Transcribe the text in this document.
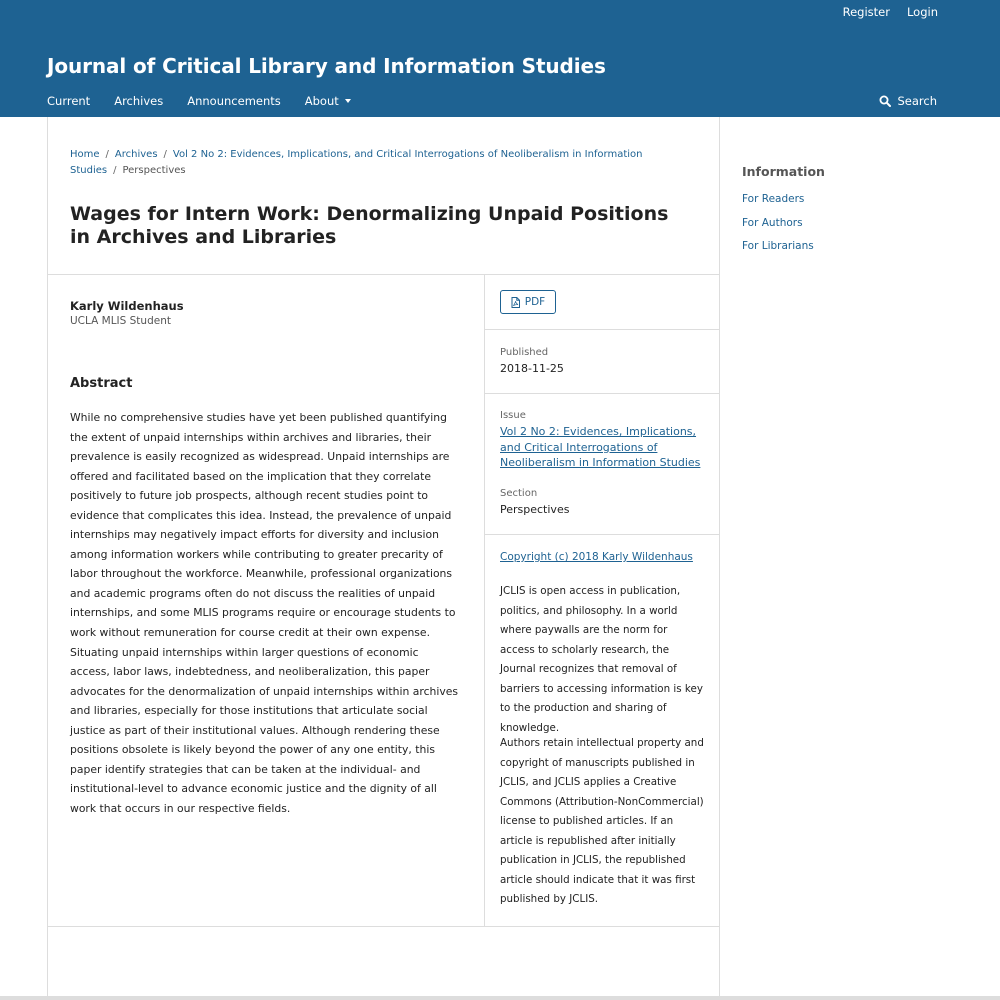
Register	Login
Journal of Critical Library and Information Studies
Current Archives Announcements About	Search
Home / Archives / Vol 2 No 2: Evidences, Implications, and Critical Interrogations of Neoliberalism in Information Studies / Perspectives
Wages for Intern Work: Denormalizing Unpaid Positions in Archives and Libraries
Karly Wildenhaus
UCLA MLIS Student
Abstract

While no comprehensive studies have yet been published quantifying the extent of unpaid internships within archives and libraries, their prevalence is easily recognized as widespread. Unpaid internships are offered and facilitated based on the implication that they correlate positively to future job prospects, although recent studies point to evidence that complicates this idea. Instead, the prevalence of unpaid internships may negatively impact efforts for diversity and inclusion among information workers while contributing to greater precarity of labor throughout the workforce. Meanwhile, professional organizations and academic programs often do not discuss the realities of unpaid internships, and some MLIS programs require or encourage students to work without remuneration for course credit at their own expense. Situating unpaid internships within larger questions of economic access, labor laws, indebtedness, and neoliberalization, this paper advocates for the denormalization of unpaid internships within archives and libraries, especially for those institutions that articulate social justice as part of their institutional values. Although rendering these positions obsolete is likely beyond the power of any one entity, this paper identify strategies that can be taken at the individual- and institutional-level to advance economic justice and the dignity of all work that occurs in our respective fields.

PDF
Published
2018-11-25
Issue
Vol 2 No 2: Evidences, Implications, and Critical Interrogations of Neoliberalism in Information Studies
Section
Perspectives
Copyright (c) 2018 Karly Wildenhaus

JCLIS is open access in publication, politics, and philosophy. In a world where paywalls are the norm for access to scholarly research, the Journal recognizes that removal of barriers to accessing information is key to the production and sharing of knowledge.

Authors retain intellectual property and copyright of manuscripts published in JCLIS, and JCLIS applies a Creative Commons (Attribution-NonCommercial) license to published articles. If an article is republished after initially publication in JCLIS, the republished article should indicate that it was first published by JCLIS.

Information
For Readers
For Authors
For Librarians
